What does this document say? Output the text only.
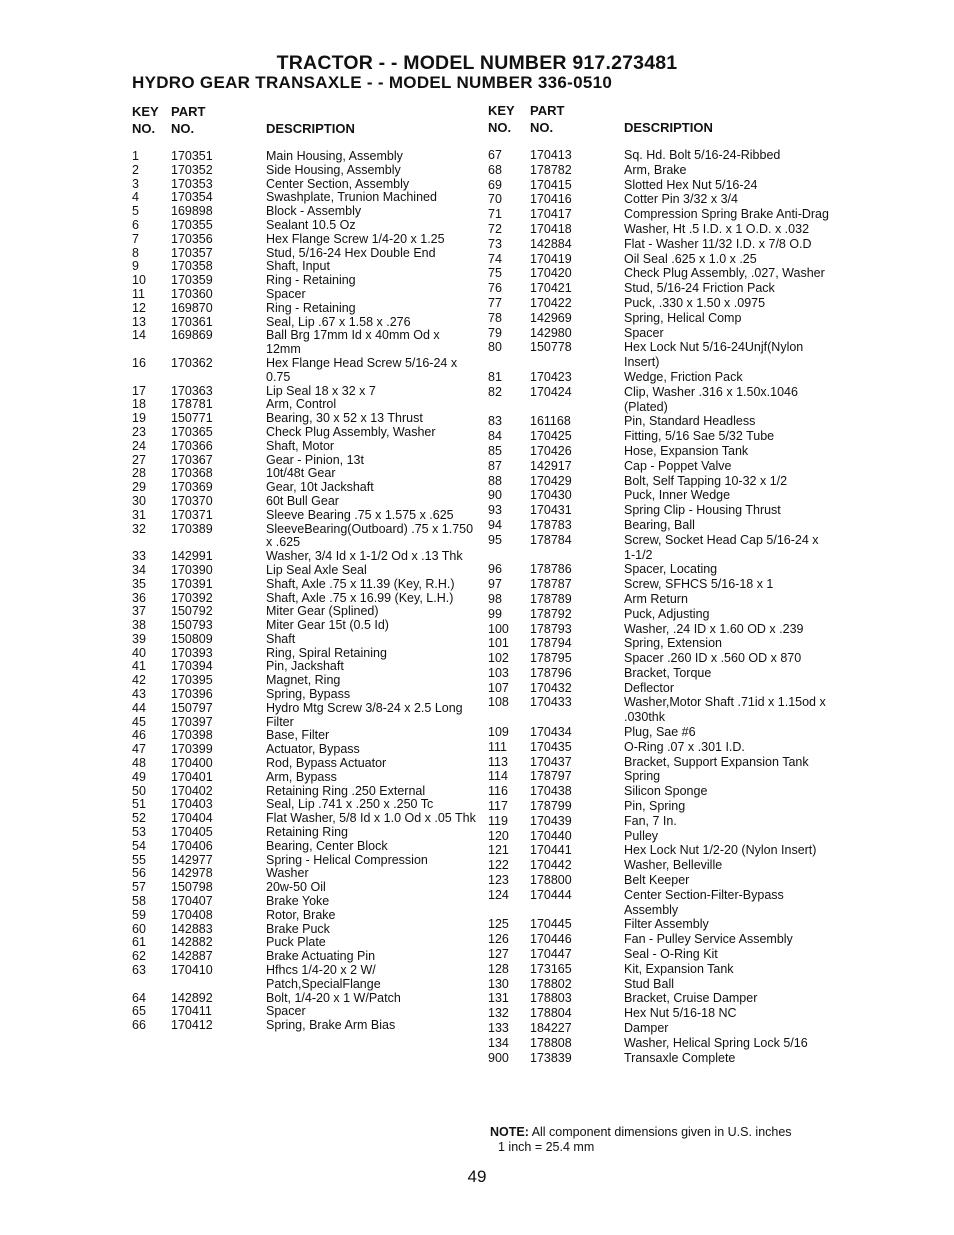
TRACTOR - - MODEL NUMBER 917.273481
HYDRO GEAR TRANSAXLE - - MODEL NUMBER 336-0510
KEY
NO.
PART
NO.	DESCRIPTION
1	170351	Main Housing, Assembly
2	170352	Side Housing, Assembly
3	170353	Center Section, Assembly
4	170354	Swashplate, Trunion Machined
5	169898	Block - Assembly
6	170355	Sealant 10.5 Oz
7	170356	Hex Flange Screw 1/4-20 x 1.25
8	170357	Stud, 5/16-24 Hex Double End
9	170358	Shaft, Input
10 170359	Ring - Retaining
11 170360	Spacer
12 169870	Ring - Retaining
13 170361	Seal, Lip .67 x 1.58 x .276
14 169869	Ball Brg 17mm Id x 40mm Od x 12mm
16 170362	Hex Flange Head Screw 5/16-24 x 0.75
17 170363	Lip Seal 18 x 32 x 7
18 178781	Arm, Control
19 150771	Bearing, 30 x 52 x 13 Thrust
23 170365	Check Plug Assembly, Washer
24 170366	Shaft, Motor
27 170367	Gear - Pinion, 13t
28 170368	10t/48t Gear
29 170369	Gear, 10t Jackshaft
30 170370	60t Bull Gear
31 170371	Sleeve Bearing .75 x 1.575 x .625
32 170389	SleeveBearing(Outboard) .75 x 1.750 x .625
33 142991	Washer, 3/4 Id x 1-1/2 Od x .13 Thk
34 170390	Lip Seal Axle Seal
35 170391	Shaft, Axle .75 x 11.39 (Key, R.H.)
36 170392	Shaft, Axle .75 x 16.99 (Key, L.H.)
37 150792	Miter Gear (Splined)
38 150793	Miter Gear 15t (0.5 Id)
39 150809	Shaft
40 170393	Ring, Spiral Retaining
41 170394	Pin, Jackshaft
42 170395	Magnet, Ring
43 170396	Spring, Bypass
44 150797	Hydro Mtg Screw 3/8-24 x 2.5 Long
45 170397	Filter
46 170398	Base, Filter
47 170399	Actuator, Bypass
48 170400	Rod, Bypass Actuator
49 170401	Arm, Bypass
50 170402	Retaining Ring .250 External
51 170403	Seal, Lip .741 x .250 x .250 Tc
52 170404	Flat Washer, 5/8 Id x 1.0 Od x .05 Thk
53 170405	Retaining Ring
54 170406	Bearing, Center Block
55 142977	Spring - Helical Compression
56 142978	Washer
57 150798	20w-50 Oil
58 170407	Brake Yoke
59 170408	Rotor, Brake
60 142883	Brake Puck
61 142882	Puck Plate
62 142887	Brake Actuating Pin
63 170410	Hfhcs 1/4-20 x 2 W/ Patch,SpecialFlange
64 142892	Bolt, 1/4-20 x 1 W/Patch
65 170411	Spacer
66 170412	Spring, Brake Arm Bias
KEY
NO.
PART
NO.	DESCRIPTION
67 170413	Sq. Hd. Bolt 5/16-24-Ribbed
68 178782	Arm, Brake
69 170415	Slotted Hex Nut 5/16-24
70 170416	Cotter Pin 3/32 x 3/4
71 170417	Compression Spring Brake Anti-Drag
72 170418	Washer, Ht .5 I.D. x 1 O.D. x .032
73 142884	Flat - Washer 11/32 I.D. x 7/8 O.D
74 170419	Oil Seal .625 x 1.0 x .25
75 170420	Check Plug Assembly, .027, Washer
76 170421	Stud, 5/16-24 Friction Pack
77 170422	Puck, .330 x 1.50 x .0975
78 142969	Spring, Helical Comp
79 142980	Spacer
80 150778	Hex Lock Nut 5/16-24Unjf(Nylon Insert)
81 170423	Wedge, Friction Pack
82 170424	Clip, Washer .316 x 1.50x.1046 (Plated)
83 161168	Pin, Standard Headless
84 170425	Fitting, 5/16 Sae 5/32 Tube
85 170426	Hose, Expansion Tank
87 142917	Cap - Poppet Valve
88 170429	Bolt, Self Tapping 10-32 x 1/2
90 170430	Puck, Inner Wedge
93 170431	Spring Clip - Housing Thrust
94 178783	Bearing, Ball
95 178784	Screw, Socket Head Cap 5/16-24 x 1-1/2
96 178786	Spacer, Locating
97 178787	Screw, SFHCS 5/16-18 x 1
98 178789	Arm Return
99 178792	Puck, Adjusting
100 178793	Washer, .24 ID x 1.60 OD x .239
101 178794	Spring, Extension
102 178795	Spacer .260 ID x .560 OD x 870
103 178796	Bracket, Torque
107 170432	Deflector
108 170433	Washer,Motor Shaft .71id x 1.15od x .030thk
109 170434	Plug, Sae #6
111 170435	O-Ring .07 x .301 I.D.
113 170437	Bracket, Support Expansion Tank
114 178797	Spring
116 170438	Silicon Sponge
117 178799	Pin, Spring
119 170439	Fan, 7 In.
120 170440	Pulley
121 170441	Hex Lock Nut 1/2-20 (Nylon Insert)
122 170442	Washer, Belleville
123 178800	Belt Keeper
124 170444	Center Section-Filter-Bypass Assembly
125 170445	Filter Assembly
126 170446	Fan - Pulley Service Assembly
127 170447	Seal - O-Ring Kit
128 173165	Kit, Expansion Tank
130 178802	Stud Ball
131 178803	Bracket, Cruise Damper
132 178804	Hex Nut 5/16-18 NC
133 184227	Damper
134 178808	Washer, Helical Spring Lock 5/16
900 173839	Transaxle Complete
NOTE: All component dimensions given in U.S. inches
1 inch = 25.4 mm
49
